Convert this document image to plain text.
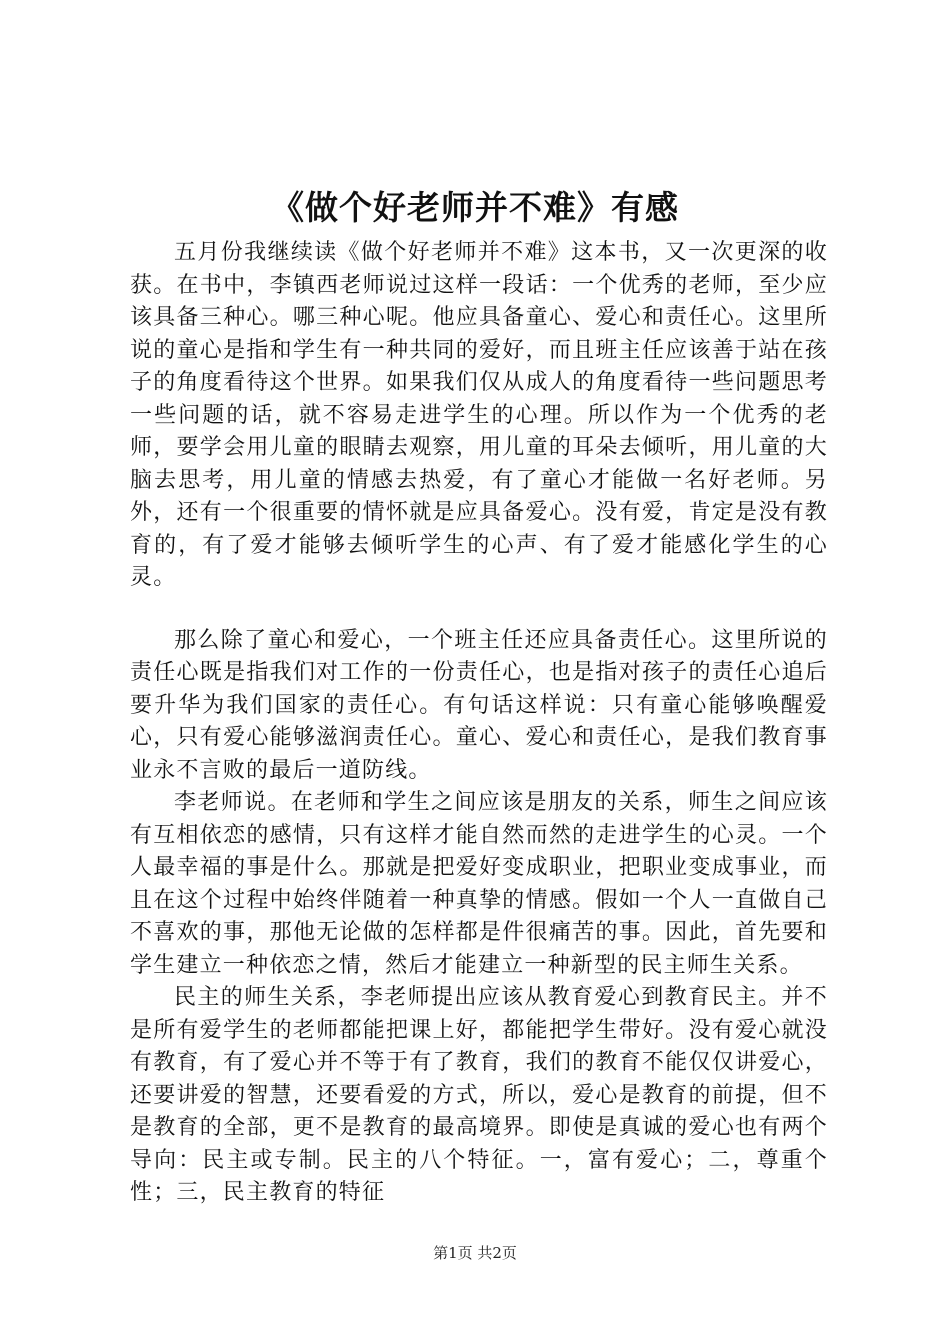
《做个好老师并不难》有感

五月份我继续读《做个好老师并不难》这本书，又一次更深的收获。在书中，李镇西老师说过这样一段话：一个优秀的老师，至少应该具备三种心。哪三种心呢。他应具备童心、爱心和责任心。这里所说的童心是指和学生有一种共同的爱好，而且班主任应该善于站在孩子的角度看待这个世界。如果我们仅从成人的角度看待一些问题思考一些问题的话，就不容易走进学生的心理。所以作为一个优秀的老师，要学会用儿童的眼睛去观察，用儿童的耳朵去倾听，用儿童的大脑去思考，用儿童的情感去热爱，有了童心才能做一名好老师。另外，还有一个很重要的情怀就是应具备爱心。没有爱，肯定是没有教育的，有了爱才能够去倾听学生的心声、有了爱才能感化学生的心灵。

那么除了童心和爱心，一个班主任还应具备责任心。这里所说的责任心既是指我们对工作的一份责任心，也是指对孩子的责任心追后要升华为我们国家的责任心。有句话这样说：只有童心能够唤醒爱心，只有爱心能够滋润责任心。童心、爱心和责任心，是我们教育事业永不言败的最后一道防线。

李老师说。在老师和学生之间应该是朋友的关系，师生之间应该有互相依恋的感情，只有这样才能自然而然的走进学生的心灵。一个人最幸福的事是什么。那就是把爱好变成职业，把职业变成事业，而且在这个过程中始终伴随着一种真挚的情感。假如一个人一直做自己不喜欢的事，那他无论做的怎样都是件很痛苦的事。因此，首先要和学生建立一种依恋之情，然后才能建立一种新型的民主师生关系。

民主的师生关系，李老师提出应该从教育爱心到教育民主。并不是所有爱学生的老师都能把课上好，都能把学生带好。没有爱心就没有教育，有了爱心并不等于有了教育，我们的教育不能仅仅讲爱心，还要讲爱的智慧，还要看爱的方式，所以，爱心是教育的前提，但不是教育的全部，更不是教育的最高境界。即使是真诚的爱心也有两个导向：民主或专制。民主的八个特征。一，富有爱心；二，尊重个性；三，民主教育的特征

第1页 共2页
